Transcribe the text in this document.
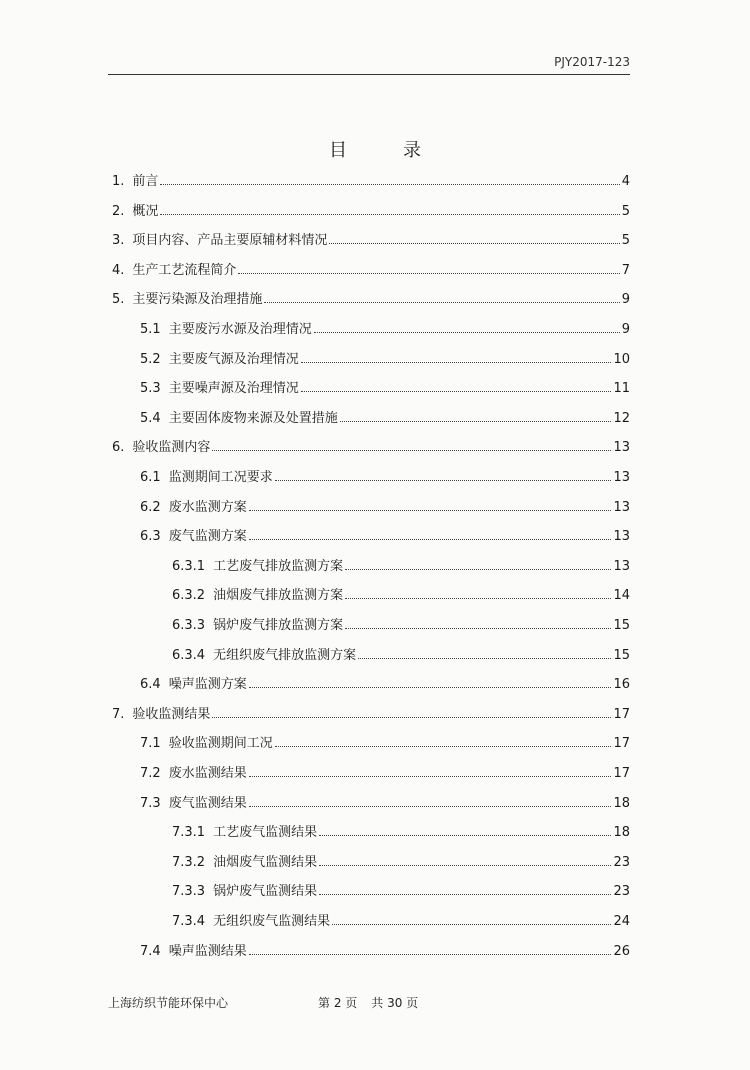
PJY2017-123
目	录
1. 前言	4
2. 概况	5
3. 项目内容、产品主要原辅材料情况	5
4. 生产工艺流程简介	7
5. 主要污染源及治理措施	9
5.1 主要废污水源及治理情况	9
5.2 主要废气源及治理情况	10
5.3 主要噪声源及治理情况	11
5.4 主要固体废物来源及处置措施	12
6. 验收监测内容	13
6.1 监测期间工况要求	13
6.2 废水监测方案	13
6.3 废气监测方案	13
6.3.1 工艺废气排放监测方案	13
6.3.2 油烟废气排放监测方案	14
6.3.3 锅炉废气排放监测方案	15
6.3.4 无组织废气排放监测方案	15
6.4 噪声监测方案	16
7. 验收监测结果	17
7.1 验收监测期间工况	17
7.2 废水监测结果	17
7.3 废气监测结果	18
7.3.1 工艺废气监测结果	18
7.3.2 油烟废气监测结果	23
7.3.3 锅炉废气监测结果	23
7.3.4 无组织废气监测结果	24
7.4 噪声监测结果	26
上海纺织节能环保中心	第 2 页 共 30 页
